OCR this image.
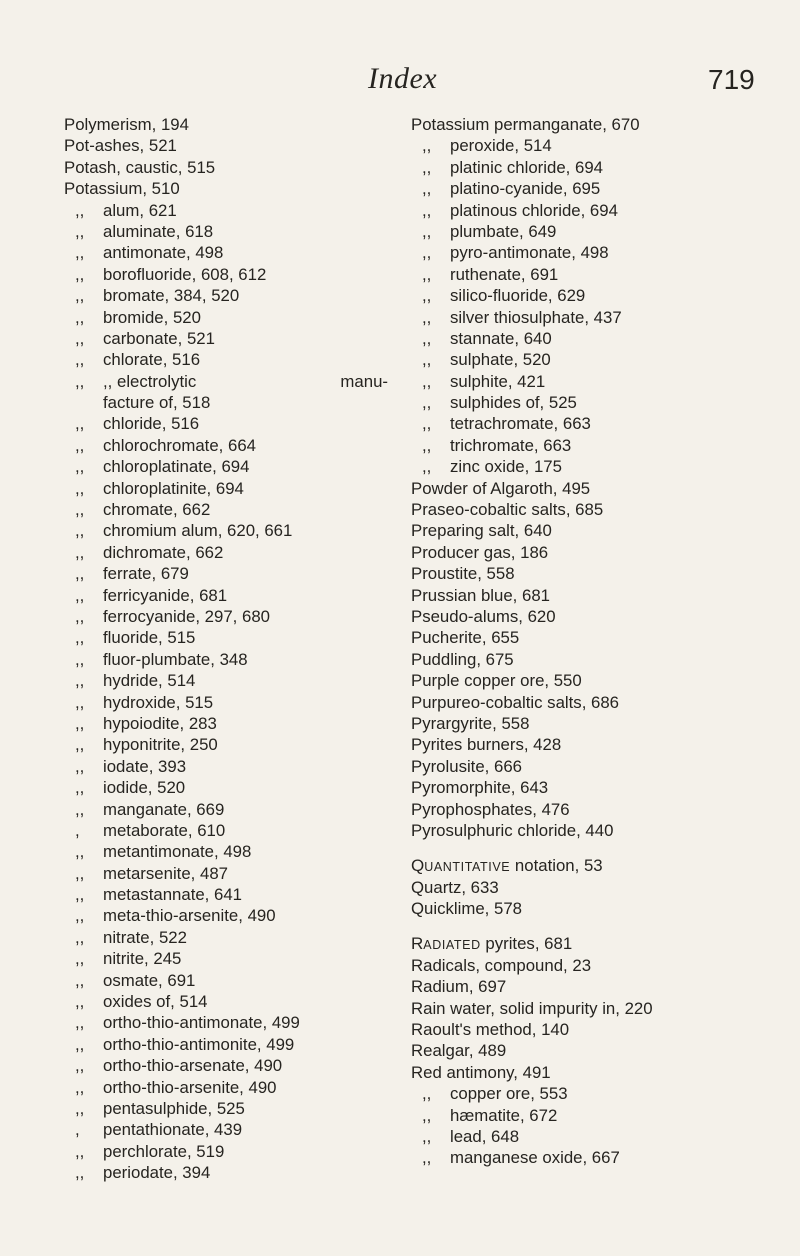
Index	719
Polymerism, 194
Pot-ashes, 521
Potash, caustic, 515
Potassium, 510
,, alum, 621
,, aluminate, 618
,, antimonate, 498
,, borofluoride, 608, 612
,, bromate, 384, 520
,, bromide, 520
,, carbonate, 521
,, chlorate, 516
,, ,, electrolytic	manu-
facture of, 518
,, chloride, 516
,, chlorochromate, 664
,, chloroplatinate, 694
,, chloroplatinite, 694
,, chromate, 662
,, chromium alum, 620, 661
,, dichromate, 662
,, ferrate, 679
,, ferricyanide, 681
,, ferrocyanide, 297, 680
,, fluoride, 515
,, fluor-plumbate, 348
,, hydride, 514
,, hydroxide, 515
,, hypoiodite, 283
,, hyponitrite, 250
,, iodate, 393
,, iodide, 520
,, manganate, 669
, metaborate, 610
,, metantimonate, 498
,, metarsenite, 487
,, metastannate, 641
,, meta-thio-arsenite, 490
,, nitrate, 522
,, nitrite, 245
,, osmate, 691
,, oxides of, 514
,, ortho-thio-antimonate, 499
,, ortho-thio-antimonite, 499
,, ortho-thio-arsenate, 490
,, ortho-thio-arsenite, 490
,, pentasulphide, 525
, pentathionate, 439
,, perchlorate, 519
,, periodate, 394
Potassium permanganate, 670
,, peroxide, 514
,, platinic chloride, 694
,, platino-cyanide, 695
,, platinous chloride, 694
,, plumbate, 649
,, pyro-antimonate, 498
,, ruthenate, 691
,, silico-fluoride, 629
,, silver thiosulphate, 437
,, stannate, 640
,, sulphate, 520
,, sulphite, 421
,, sulphides of, 525
,, tetrachromate, 663
,, trichromate, 663
,, zinc oxide, 175
Powder of Algaroth, 495
Praseo-cobaltic salts, 685
Preparing salt, 640
Producer gas, 186
Proustite, 558
Prussian blue, 681
Pseudo-alums, 620
Pucherite, 655
Puddling, 675
Purple copper ore, 550
Purpureo-cobaltic salts, 686
Pyrargyrite, 558
Pyrites burners, 428
Pyrolusite, 666
Pyromorphite, 643
Pyrophosphates, 476
Pyrosulphuric chloride, 440
QUANTITATIVE notation, 53
Quartz, 633
Quicklime, 578
RADIATED pyrites, 681
Radicals, compound, 23
Radium, 697
Rain water, solid impurity in, 220
Raoult's method, 140
Realgar, 489
Red antimony, 491
,, copper ore, 553
,, hæmatite, 672
,, lead, 648
,, manganese oxide, 667
